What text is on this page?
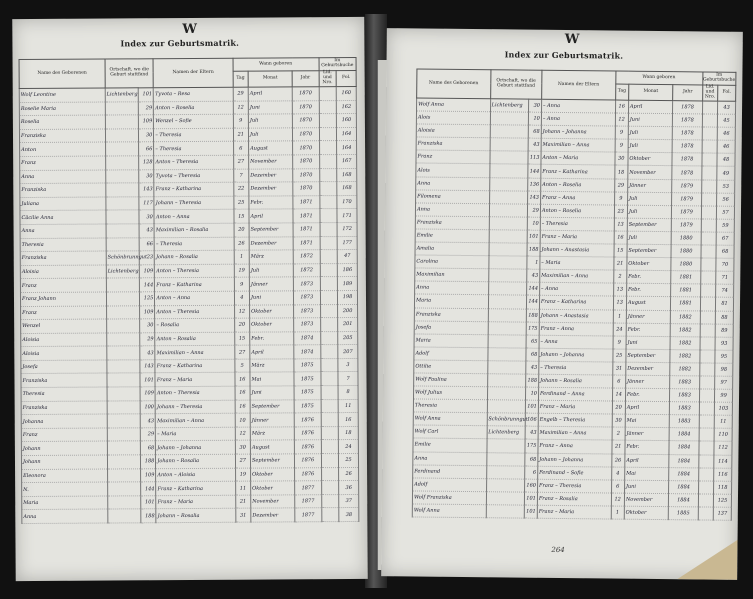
W
Index zur Geburtsmatrik.
Name des Geborenen	Ortschaft, wo die Geburt stattfand		Namen der Eltern	Wann geboren			Im Geburtsbuche	
				Tag	Monat	Jahr	Lid. und Nro.	Fol.
Wolf Leontine	Lichtenberg	101	Tyvota – Resa	29	April	1870		160
Roselie Maria		29	Anton – Roselia	12	Juni	1870		162
Roselia		109	Wenzel – Sofie	9	Juli	1870		160
Franziska		30	– Theresia	21	Juli	1870		164
Anton		66	– Theresia	6	August	1870		164
Franz		128	Anton – Theresia	27	November	1870		167
Anna		30	Tyvota – Theresia	7	Dezember	1870		168
Franziska		143	Franz – Katharina	22	Dezember	1870		168
Juliana		117	Johann – Theresia	25	Febr.	1871		170
Cäcilie Anna		30	Anton – Anna	15	April	1871		171
Anna		43	Maximilian – Rosalia	20	September	1871		172
Theresia		66	– Theresia	26	Dezember	1871		177
Franziska	Schönbrunngut	23	Johann – Rosalia	1	März	1872		47
Aloisia	Lichtenberg	109	Anton – Theresia	19	Juli	1872		186
Franz		144	Franz – Katharina	9	Jänner	1873		189
Franz Johann		125	Anton – Anna	4	Juni	1873		198
Franz		109	Anton – Theresia	12	Oktober	1873		200
Wenzel		30	– Rosalia	20	Oktober	1873		201
Aloisia		29	Anton – Rosalia	15	Febr.	1874		205
Aloisia		43	Maximilian – Anna	27	April	1874		207
Josefa		143	Franz – Katharina	5	März	1875		3
Franziska		101	Franz – Maria	16	Mai	1875		7
Theresia		109	Anton – Theresia	16	Juni	1875		8
Franziska		100	Johann – Theresia	16	September	1875		11
Johanna		43	Maximilian – Anna	10	Jänner	1876		16
Franz		29	– Maria	12	März	1876		18
Johann		68	Johann – Johanna	30	August	1876		24
Johann		188	Johann – Rosalia	27	September	1876		25
Eleonora		109	Anton – Aloisia	19	Oktober	1876		26
N.		144	Franz – Katharina	11	Oktober	1877		36
Maria		101	Franz – Maria	21	November	1877		37
Anna		188	Johann – Rosalia	31	Dezember	1877		38
W
Index zur Geburtsmatrik.
Name des Geborenen	Ortschaft, wo die Geburt stattfand		Namen der Eltern	Wann geboren			Im Geburtsbuche	
				Tag	Monat	Jahr	Lid. und Nro.	Fol.
Wolf Anna	Lichtenberg	30	– Anna	16	April	1878		43
Alois		10	– Anna	12	Juni	1878		45
Aloisia		68	Johann – Johanna	9	Juli	1878		46
Franziska		43	Maximilian – Anna	9	Juli	1878		46
Franz		113	Anton – Maria	30	Oktober	1878		48
Alois		144	Franz – Katharina	18	November	1878		49
Anna		136	Anton – Roselia	29	Jänner	1879		53
Filomena		143	Franz – Anna	9	Juli	1879		56
Anna		29	Anton – Roselia	23	Juli	1879		57
Franziska		10	– Theresia	13	September	1879		59
Emilie		101	Franz – Maria	16	Juli	1880		67
Amalia		188	Johann – Anastasia	15	September	1880		68
Carolina		1	– Maria	21	Oktober	1880		70
Maximilian		43	Maximilian – Anna	2	Febr.	1881		71
Anna		144	– Anna	13	Febr.	1881		74
Maria		144	Franz – Katharina	13	August	1881		81
Franziska		188	Johann – Anastasia	1	Jänner	1882		88
Josefa		175	Franz – Anna	24	Febr.	1882		89
Maria		65	– Anna	9	Juni	1882		93
Adolf		68	Johann – Johanna	25	September	1882		95
Ottilie		43	– Theresia	31	Dezember	1882		98
Wolf Paulina		188	Johann – Rosalia	6	Jänner	1883		97
Wolf Julius		10	Ferdinand – Anna	14	Febr.	1883		99
Theresia		101	Franz – Maria	20	April	1883		103
Wolf Anna	Schönbrunngut	106	Engelb – Theresia	30	Mai	1883		11
Wolf Carl	Lichtenberg	43	Maximilian – Anna	2	Jänner	1884		110
Emilie		175	Franz – Anna	21	Febr.	1884		112
Anna		68	Johann – Johanna	26	April	1884		114
Ferdinand		6	Ferdinand – Sofie	4	Mai	1884		116
Adolf		160	Franz – Theresia	6	Juni	1884		118
Wolf Franziska		101	Franz – Rosalia	12	November	1884		125
Wolf Anna		101	Franz – Maria	1	Oktober	1885		137
264
